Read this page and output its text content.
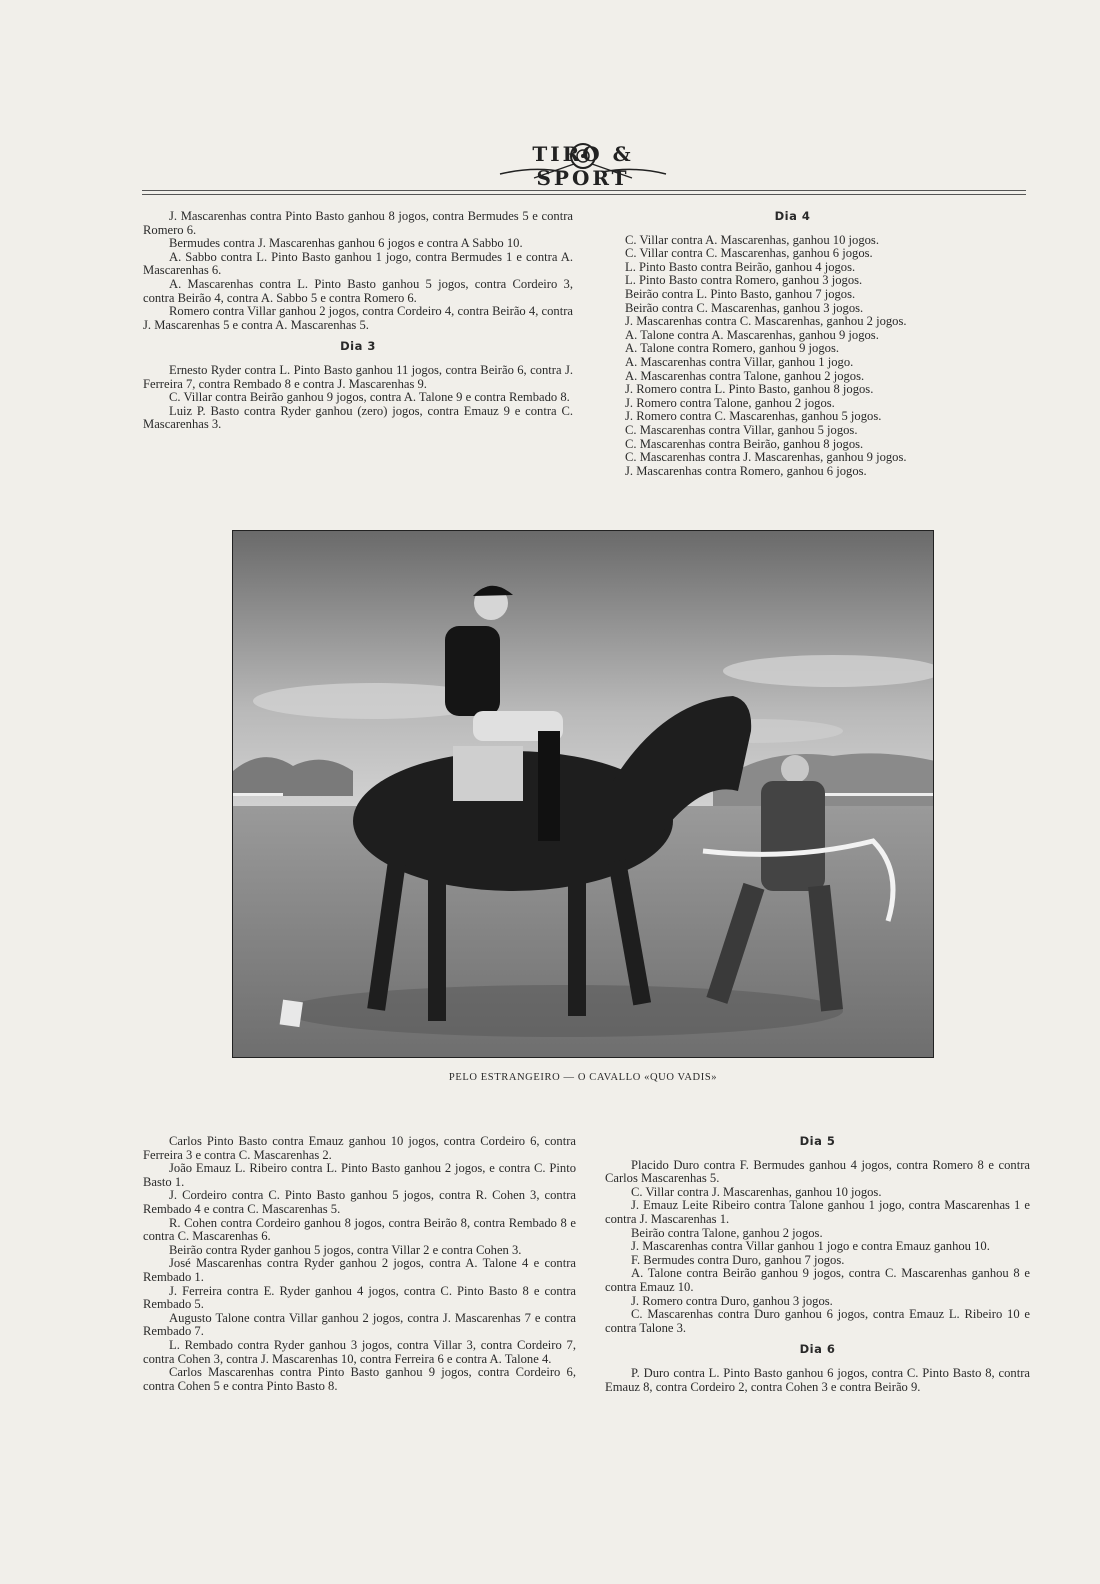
TIRO & SPORT

J. Mascarenhas contra Pinto Basto ganhou 8 jogos, contra Bermudes 5 e contra Romero 6.

Bermudes contra J. Mascarenhas ganhou 6 jogos e contra A Sabbo 10.

A. Sabbo contra L. Pinto Basto ganhou 1 jogo, contra Bermudes 1 e contra A. Mascarenhas 6.

A. Mascarenhas contra L. Pinto Basto ganhou 5 jogos, contra Cordeiro 3, contra Beirão 4, contra A. Sabbo 5 e contra Romero 6.

Romero contra Villar ganhou 2 jogos, contra Cordeiro 4, contra Beirão 4, contra J. Mascarenhas 5 e contra A. Mascarenhas 5.

Dia 3

Ernesto Ryder contra L. Pinto Basto ganhou 11 jogos, contra Beirão 6, contra J. Ferreira 7, contra Rembado 8 e contra J. Mascarenhas 9.

C. Villar contra Beirão ganhou 9 jogos, contra A. Talone 9 e contra Rembado 8.

Luiz P. Basto contra Ryder ganhou (zero) jogos, contra Emauz 9 e contra C. Mascarenhas 3.

Dia 4

C. Villar contra A. Mascarenhas, ganhou 10 jogos.

C. Villar contra C. Mascarenhas, ganhou 6 jogos.

L. Pinto Basto contra Beirão, ganhou 4 jogos.

L. Pinto Basto contra Romero, ganhou 3 jogos.

Beirão contra L. Pinto Basto, ganhou 7 jogos.

Beirão contra C. Mascarenhas, ganhou 3 jogos.

J. Mascarenhas contra C. Mascarenhas, ganhou 2 jogos.

A. Talone contra A. Mascarenhas, ganhou 9 jogos.

A. Talone contra Romero, ganhou 9 jogos.

A. Mascarenhas contra Villar, ganhou 1 jogo.

A. Mascarenhas contra Talone, ganhou 2 jogos.

J. Romero contra L. Pinto Basto, ganhou 8 jogos.

J. Romero contra Talone, ganhou 2 jogos.

J. Romero contra C. Mascarenhas, ganhou 5 jogos.

C. Mascarenhas contra Villar, ganhou 5 jogos.

C. Mascarenhas contra Beirão, ganhou 8 jogos.

C. Mascarenhas contra J. Mascarenhas, ganhou 9 jogos.

J. Mascarenhas contra Romero, ganhou 6 jogos.

PELO ESTRANGEIRO — O CAVALLO «QUO VADIS»

Carlos Pinto Basto contra Emauz ganhou 10 jogos, contra Cordeiro 6, contra Ferreira 3 e contra C. Mascarenhas 2.

João Emauz L. Ribeiro contra L. Pinto Basto ganhou 2 jogos, e contra C. Pinto Basto 1.

J. Cordeiro contra C. Pinto Basto ganhou 5 jogos, contra R. Cohen 3, contra Rembado 4 e contra C. Mascarenhas 5.

R. Cohen contra Cordeiro ganhou 8 jogos, contra Beirão 8, contra Rembado 8 e contra C. Mascarenhas 6.

Beirão contra Ryder ganhou 5 jogos, contra Villar 2 e contra Cohen 3.

José Mascarenhas contra Ryder ganhou 2 jogos, contra A. Talone 4 e contra Rembado 1.

J. Ferreira contra E. Ryder ganhou 4 jogos, contra C. Pinto Basto 8 e contra Rembado 5.

Augusto Talone contra Villar ganhou 2 jogos, contra J. Mascarenhas 7 e contra Rembado 7.

L. Rembado contra Ryder ganhou 3 jogos, contra Villar 3, contra Cordeiro 7, contra Cohen 3, contra J. Mascarenhas 10, contra Ferreira 6 e contra A. Talone 4.

Carlos Mascarenhas contra Pinto Basto ganhou 9 jogos, contra Cordeiro 6, contra Cohen 5 e contra Pinto Basto 8.

Dia 5

Placido Duro contra F. Bermudes ganhou 4 jogos, contra Romero 8 e contra Carlos Mascarenhas 5.

C. Villar contra J. Mascarenhas, ganhou 10 jogos.

J. Emauz Leite Ribeiro contra Talone ganhou 1 jogo, contra Mascarenhas 1 e contra J. Mascarenhas 1.

Beirão contra Talone, ganhou 2 jogos.

J. Mascarenhas contra Villar ganhou 1 jogo e contra Emauz ganhou 10.

F. Bermudes contra Duro, ganhou 7 jogos.

A. Talone contra Beirão ganhou 9 jogos, contra C. Mascarenhas ganhou 8 e contra Emauz 10.

J. Romero contra Duro, ganhou 3 jogos.

C. Mascarenhas contra Duro ganhou 6 jogos, contra Emauz L. Ribeiro 10 e contra Talone 3.

Dia 6

P. Duro contra L. Pinto Basto ganhou 6 jogos, contra C. Pinto Basto 8, contra Emauz 8, contra Cordeiro 2, contra Cohen 3 e contra Beirão 9.
